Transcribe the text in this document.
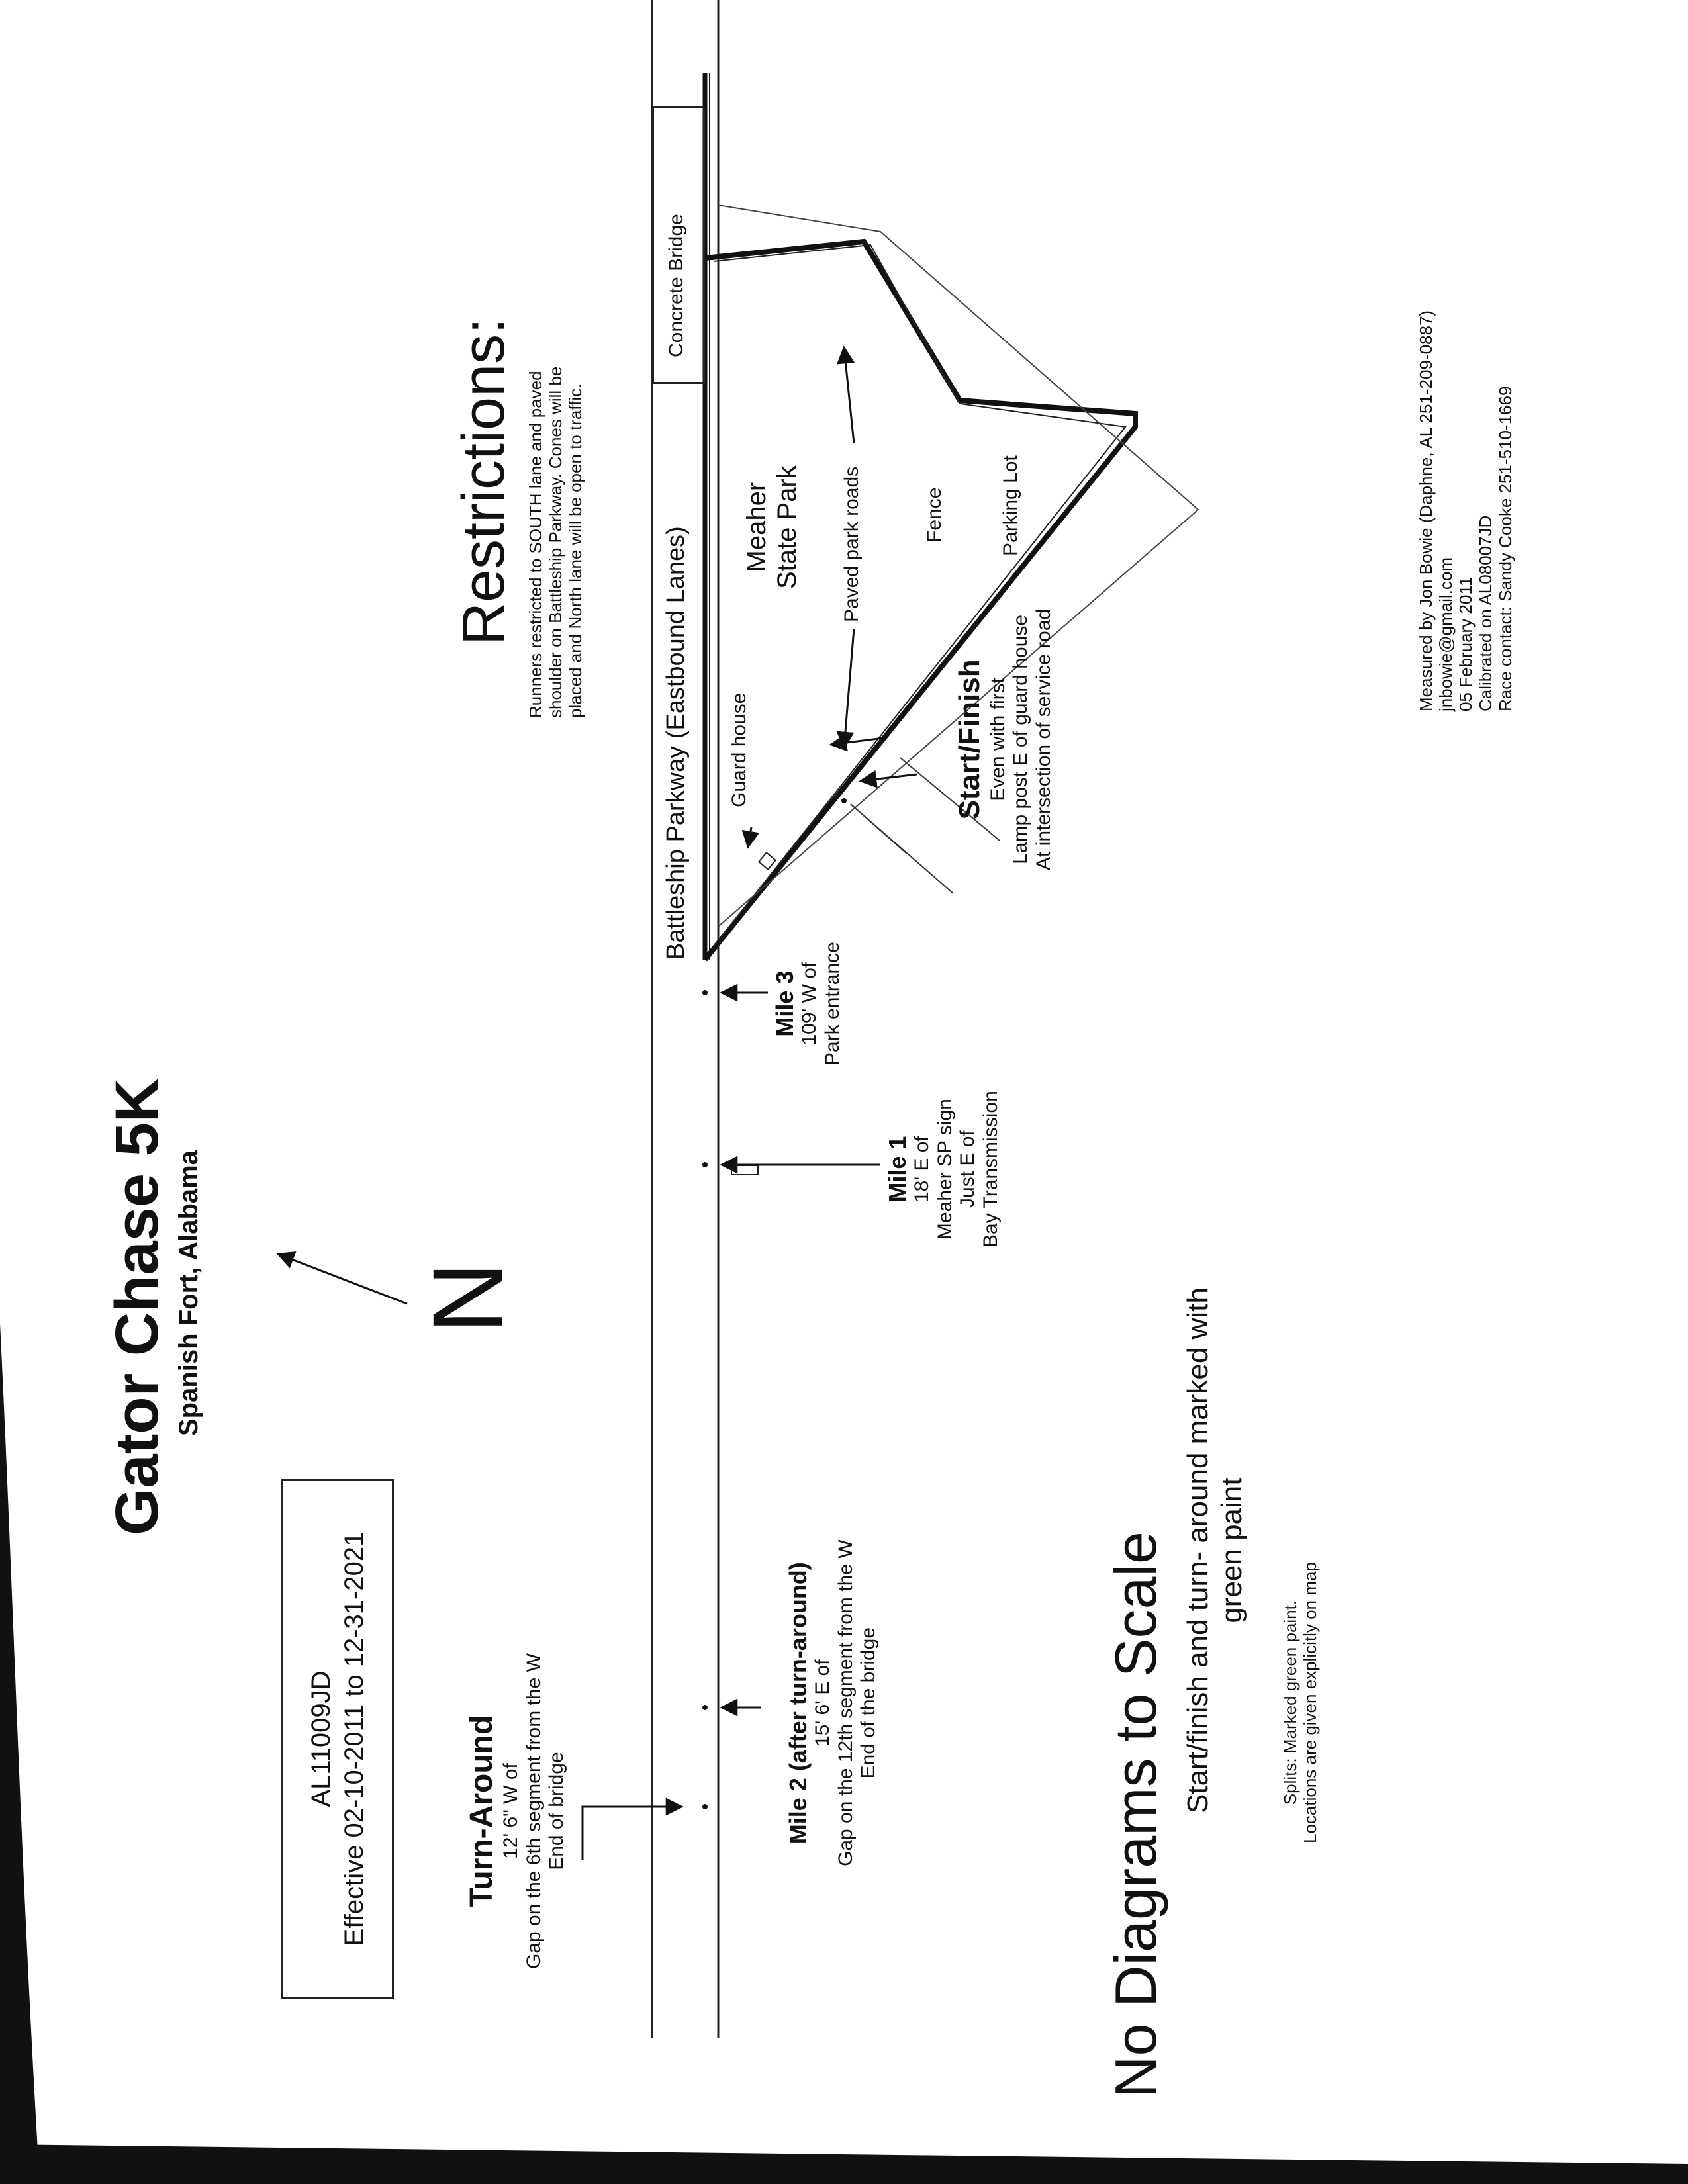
Gator Chase 5K Spanish Fort, Alabama
AL11009JD Effective 02-10-2011 to 12-31-2021
Restrictions: Runners restricted to SOUTH lane and paved shoulder on Battleship Parkway. Cones will be placed and North lane will be open to traffic.	Battleship Parkway (Eastbound Lanes) Meaher State Park
Guard house
Paved park roads	Fence	Parking Lot
Concrete Bridge
N
Start/Finish Even with first Lamp post E of guard house At intersection of service road
Mile 3 109' W of Park entrance
Mile 1 18' E of Meaher SP sign Just E of Bay Transmission
Mile 2 (after turn-around) 15' 6' E of Gap on the 12th segment from the W End of the bridge
Turn-Around 12' 6" W of Gap on the 6th segment from the W End of bridge	No Diagrams to Scale Start/finish and turn- around marked with green paint
Splits: Marked green paint. Locations are given explicitly on map
Measured by Jon Bowie (Daphne, AL 251-209-0887) jnbowie@gmail.com 05 February 2011 Calibrated on AL08007JD Race contact: Sandy Cooke 251-510-1669
